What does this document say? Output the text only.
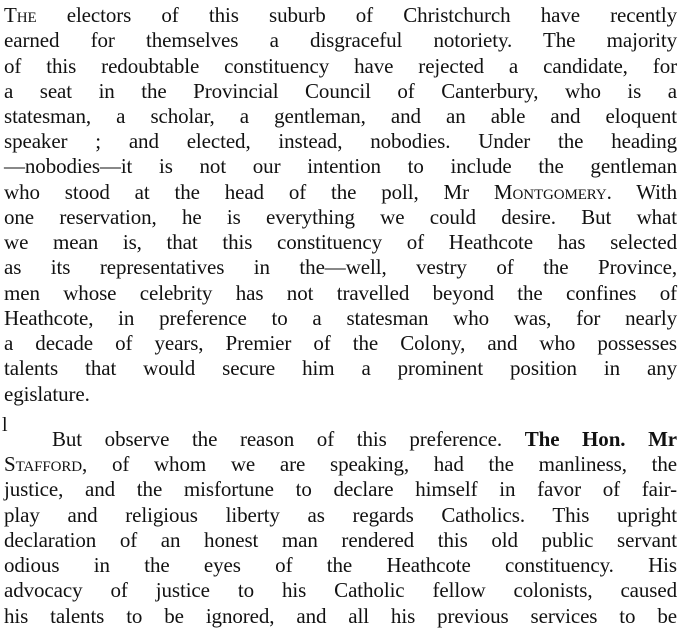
The electors of this suburb of Christchurch have recently
earned for themselves a disgraceful notoriety. The majority
of this redoubtable constituency have rejected a candidate, for
a seat in the Provincial Council of Canterbury, who is a
statesman, a scholar, a gentleman, and an able and eloquent
speaker ; and elected, instead, nobodies. Under the heading
—nobodies—it is not our intention to include the gentleman
who stood at the head of the poll, Mr Montgomery. With
one reservation, he is everything we could desire. But what
we mean is, that this constituency of Heathcote has selected
as its representatives in the—well, vestry of the Province,
men whose celebrity has not travelled beyond the confines of
Heathcote, in preference to a statesman who was, for nearly
a decade of years, Premier of the Colony, and who possesses
talents that would secure him a prominent position in any
egislature.
l
But observe the reason of this preference. The Hon. Mr
Stafford, of whom we are speaking, had the manliness, the
justice, and the misfortune to declare himself in favor of fair-
play and religious liberty as regards Catholics. This upright
declaration of an honest man rendered this old public servant
odious in the eyes of the Heathcote constituency. His
advocacy of justice to his Catholic fellow colonists, caused
his talents to be ignored, and all his previous services to be
